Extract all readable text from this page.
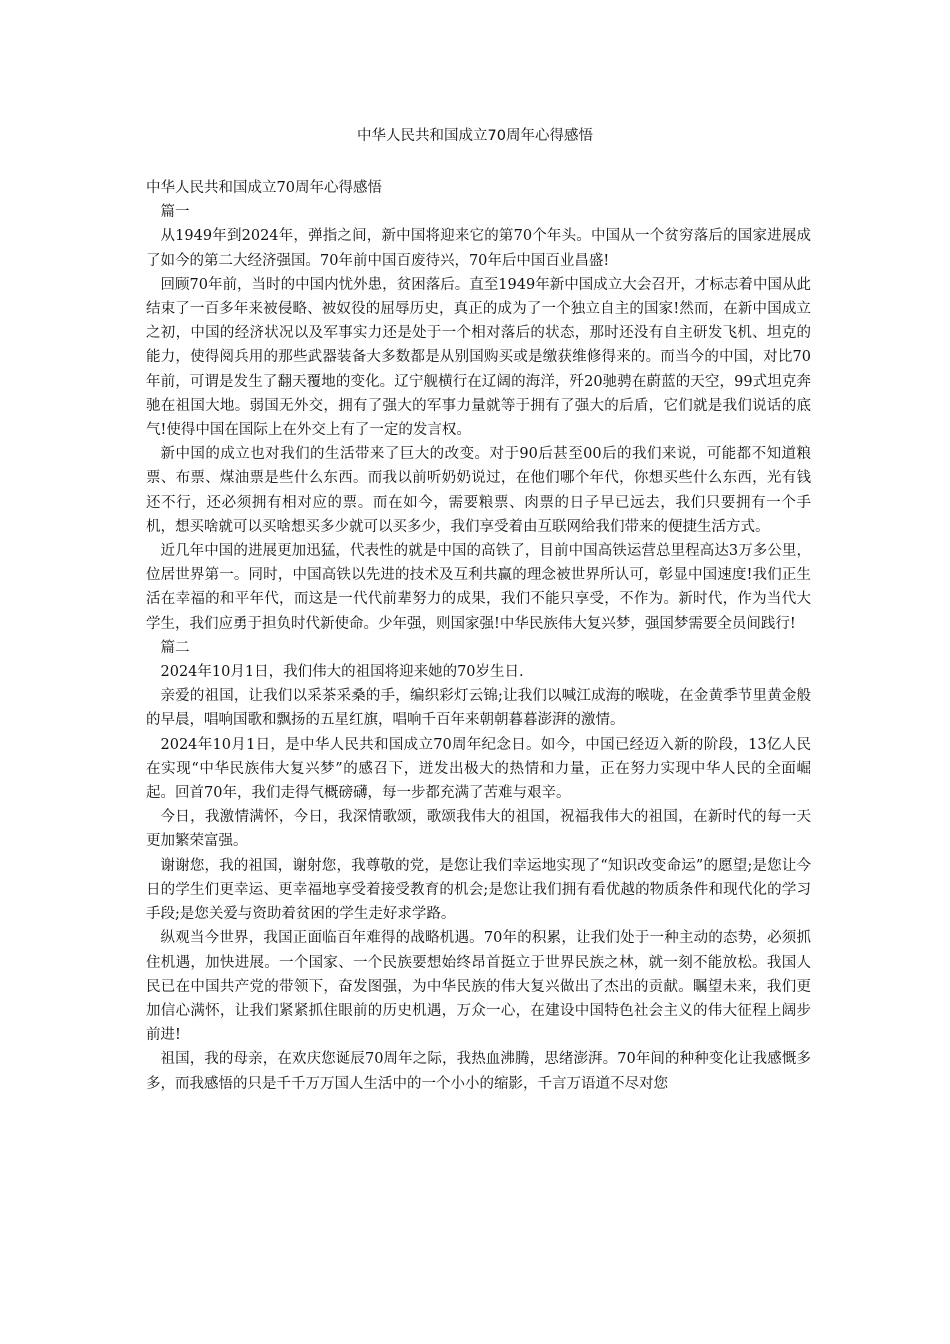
中华人民共和国成立70周年心得感悟

中华人民共和国成立70周年心得感悟

篇一

从1949年到2024年，弹指之间，新中国将迎来它的第70个年头。中国从一个贫穷落后的国家进展成了如今的第二大经济强国。70年前中国百废待兴，70年后中国百业昌盛!

回顾70年前，当时的中国内忧外患，贫困落后。直至1949年新中国成立大会召开，才标志着中国从此结束了一百多年来被侵略、被奴役的屈辱历史，真正的成为了一个独立自主的国家!然而，在新中国成立之初，中国的经济状况以及军事实力还是处于一个相对落后的状态，那时还没有自主研发飞机、坦克的能力，使得阅兵用的那些武器装备大多数都是从别国购买或是缴获维修得来的。而当今的中国，对比70年前，可谓是发生了翻天覆地的变化。辽宁舰横行在辽阔的海洋，歼20驰骋在蔚蓝的天空，99式坦克奔驰在祖国大地。弱国无外交，拥有了强大的军事力量就等于拥有了强大的后盾，它们就是我们说话的底气!使得中国在国际上在外交上有了一定的发言权。

新中国的成立也对我们的生活带来了巨大的改变。对于90后甚至00后的我们来说，可能都不知道粮票、布票、煤油票是些什么东西。而我以前听奶奶说过，在他们哪个年代，你想买些什么东西，光有钱还不行，还必须拥有相对应的票。而在如今，需要粮票、肉票的日子早已远去，我们只要拥有一个手机，想买啥就可以买啥想买多少就可以买多少，我们享受着由互联网给我们带来的便捷生活方式。

近几年中国的进展更加迅猛，代表性的就是中国的高铁了，目前中国高铁运营总里程高达3万多公里，位居世界第一。同时，中国高铁以先进的技术及互利共赢的理念被世界所认可，彰显中国速度!我们正生活在幸福的和平年代，而这是一代代前辈努力的成果，我们不能只享受，不作为。新时代，作为当代大学生，我们应勇于担负时代新使命。少年强，则国家强!中华民族伟大复兴梦，强国梦需要全员间践行!

篇二

2024年10月1日，我们伟大的祖国将迎来她的70岁生日.

亲爱的祖国，让我们以采茶采桑的手，编织彩灯云锦;让我们以喊江成海的喉咙，在金黄季节里黄金般的早晨，唱响国歌和飘扬的五星红旗，唱响千百年来朝朝暮暮澎湃的激情。

2024年10月1日，是中华人民共和国成立70周年纪念日。如今，中国已经迈入新的阶段，13亿人民在实现“中华民族伟大复兴梦”的感召下，迸发出极大的热情和力量，正在努力实现中华人民的全面崛起。回首70年，我们走得气概磅礴，每一步都充满了苦难与艰辛。

今日，我激情满怀，今日，我深情歌颂，歌颂我伟大的祖国，祝福我伟大的祖国，在新时代的每一天更加繁荣富强。

谢谢您，我的祖国，谢射您，我尊敬的党，是您让我们幸运地实现了“知识改变命运”的愿望;是您让今日的学生们更幸运、更幸福地享受着接受教育的机会;是您让我们拥有看优越的物质条件和现代化的学习手段;是您关爱与资助着贫困的学生走好求学路。

纵观当今世界，我国正面临百年难得的战略机遇。70年的积累，让我们处于一种主动的态势，必须抓住机遇，加快进展。一个国家、一个民族要想始终昂首挺立于世界民族之林，就一刻不能放松。我国人民已在中国共产党的带领下，奋发图强，为中华民族的伟大复兴做出了杰出的贡献。瞩望未来，我们更加信心满怀，让我们紧紧抓住眼前的历史机遇，万众一心，在建设中国特色社会主义的伟大征程上阔步前进!

祖国，我的母亲，在欢庆您诞辰70周年之际，我热血沸腾，思绪澎湃。70年间的种种变化让我感慨多多，而我感悟的只是千千万万国人生活中的一个小小的缩影，千言万语道不尽对您
